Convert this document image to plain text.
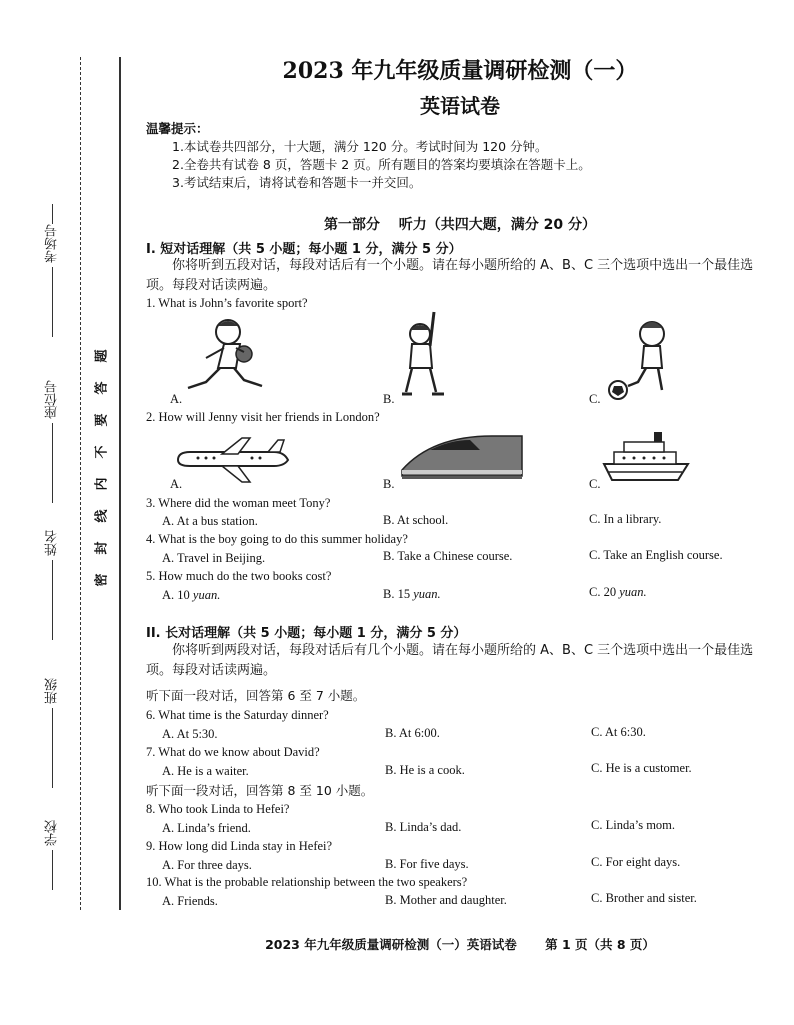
考场号
座位号
姓名
班级
学校
题
答
要
不
内
线
封
密
2023 年九年级质量调研检测（一）
英语试卷
温馨提示：
1.本试卷共四部分，十大题，满分 120 分。考试时间为 120 分钟。
2.全卷共有试卷 8 页，答题卡 2 页。所有题目的答案均要填涂在答题卡上。
3.考试结束后，请将试卷和答题卡一并交回。
第一部分　 听力（共四大题，满分 20 分）
I. 短对话理解（共 5 小题；每小题 1 分，满分 5 分）
你将听到五段对话，每段对话后有一个小题。请在每小题所给的 A、B、C 三个选项中选出一个最佳选项。每段对话读两遍。
1. What is John’s favorite sport?
A.	B.	C.
2. How will Jenny visit her friends in London?
A.	B.	C.
3. Where did the woman meet Tony?
A. At a bus station.	B. At school.	C. In a library.
4. What is the boy going to do this summer holiday?
A. Travel in Beijing.	B. Take a Chinese course.	C. Take an English course.
5. How much do the two books cost?
A. 10 yuan.	B. 15 yuan.	C. 20 yuan.
II. 长对话理解（共 5 小题；每小题 1 分，满分 5 分）
你将听到两段对话，每段对话后有几个小题。请在每小题所给的 A、B、C 三个选项中选出一个最佳选项。每段对话读两遍。
听下面一段对话，回答第 6 至 7 小题。
6. What time is the Saturday dinner?
A. At 5:30.	B. At 6:00.	C. At 6:30.
7. What do we know about David?
A. He is a waiter.	B. He is a cook.	C. He is a customer.
听下面一段对话，回答第 8 至 10 小题。
8. Who took Linda to Hefei?
A. Linda’s friend.	B. Linda’s dad.	C. Linda’s mom.
9. How long did Linda stay in Hefei?
A. For three days.	B. For five days.	C. For eight days.
10. What is the probable relationship between the two speakers?
A. Friends.	B. Mother and daughter.	C. Brother and sister.
2023 年九年级质量调研检测（一）英语试卷 第 1 页（共 8 页）
